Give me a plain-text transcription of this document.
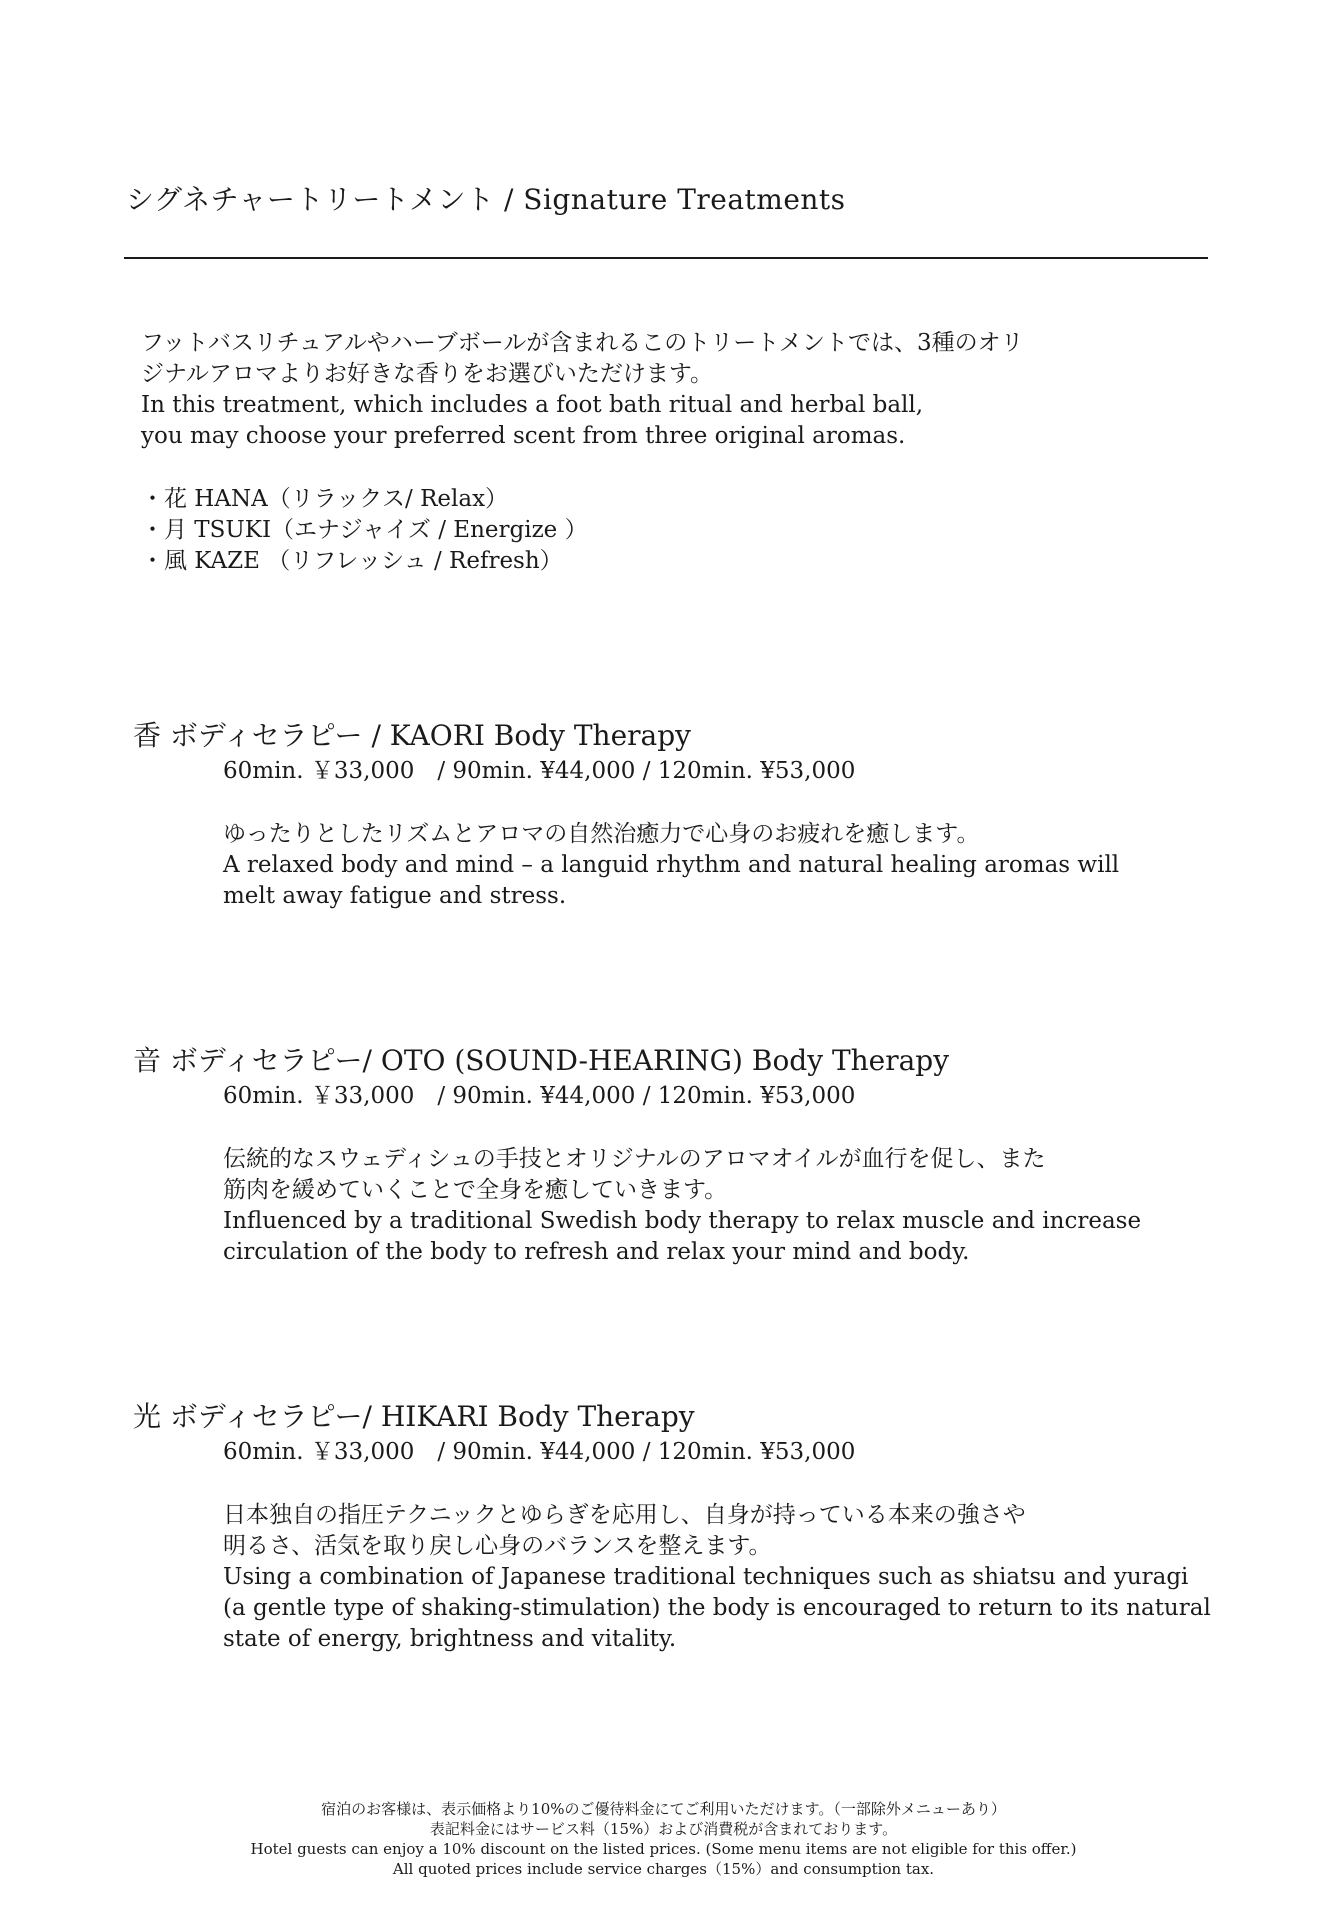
シグネチャートリートメント / Signature Treatments
フットバスリチュアルやハーブボールが含まれるこのトリートメントでは、3種のオリ
ジナルアロマよりお好きな香りをお選びいただけます。
In this treatment, which includes a foot bath ritual and herbal ball,
you may choose your preferred scent from three original aromas.
・花 HANA（リラックス/ Relax）
・月 TSUKI（エナジャイズ / Energize ）
・風 KAZE （リフレッシュ / Refresh）
香 ボディセラピー / KAORI Body Therapy
60min. ￥33,000　/ 90min. ¥44,000 / 120min. ¥53,000
ゆったりとしたリズムとアロマの自然治癒力で心身のお疲れを癒します。
A relaxed body and mind – a languid rhythm and natural healing aromas will
melt away fatigue and stress.
音 ボディセラピー/ OTO (SOUND-HEARING) Body Therapy
60min. ￥33,000　/ 90min. ¥44,000 / 120min. ¥53,000
伝統的なスウェディシュの手技とオリジナルのアロマオイルが血行を促し、また
筋肉を緩めていくことで全身を癒していきます。
Influenced by a traditional Swedish body therapy to relax muscle and increase
circulation of the body to refresh and relax your mind and body.
光 ボディセラピー/ HIKARI Body Therapy
60min. ￥33,000　/ 90min. ¥44,000 / 120min. ¥53,000
日本独自の指圧テクニックとゆらぎを応用し、自身が持っている本来の強さや
明るさ、活気を取り戻し心身のバランスを整えます。
Using a combination of Japanese traditional techniques such as shiatsu and yuragi
(a gentle type of shaking-stimulation) the body is encouraged to return to its natural
state of energy, brightness and vitality.
宿泊のお客様は、表示価格より10%のご優待料金にてご利用いただけます。（一部除外メニューあり）
表記料金にはサービス料（15%）および消費税が含まれております。
Hotel guests can enjoy a 10% discount on the listed prices. (Some menu items are not eligible for this offer.)
All quoted prices include service charges（15%）and consumption tax.
